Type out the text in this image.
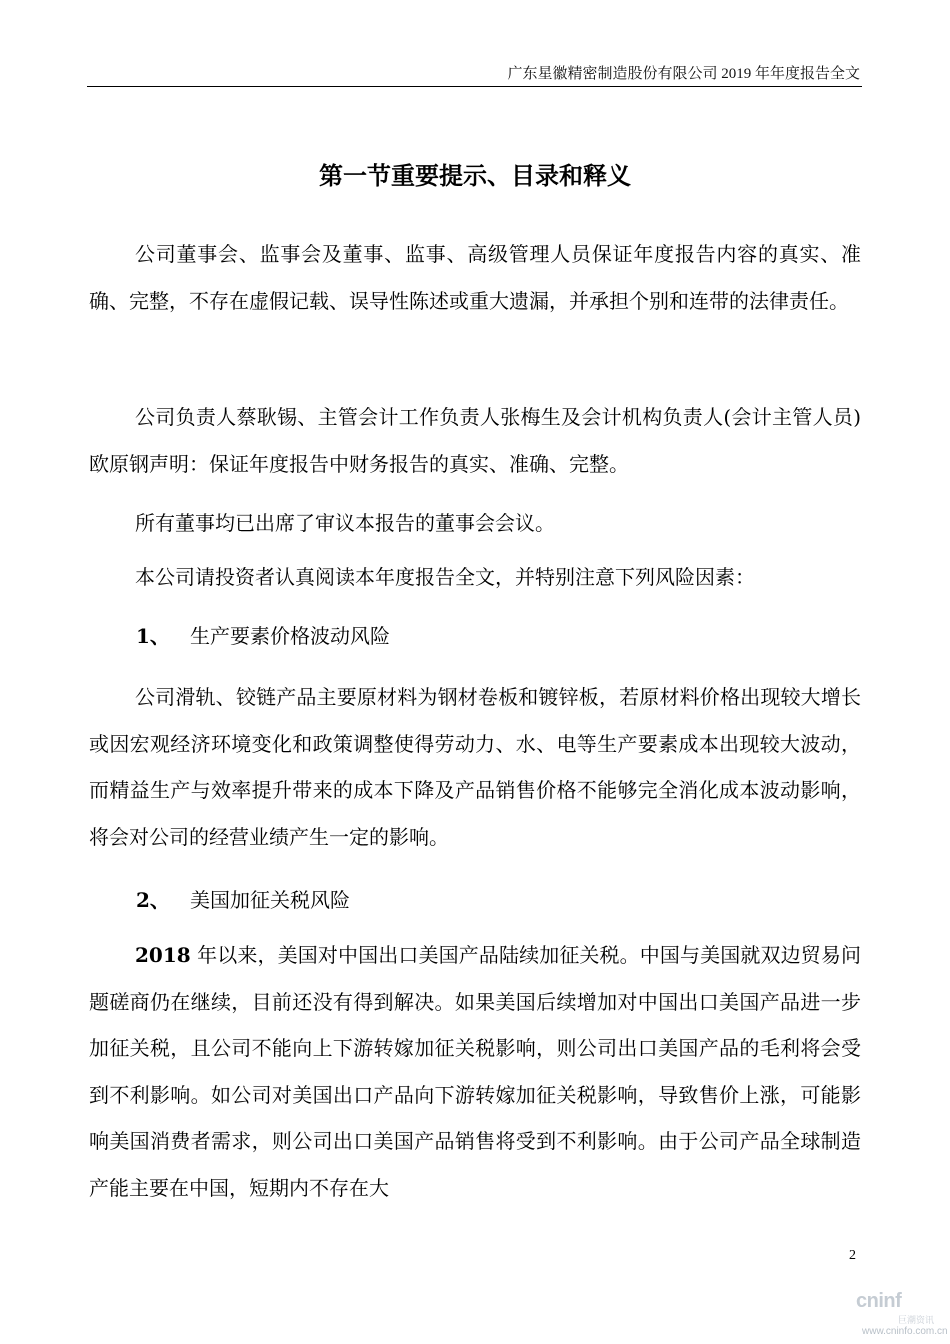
广东星徽精密制造股份有限公司 2019 年年度报告全文
第一节重要提示、目录和释义

公司董事会、监事会及董事、监事、高级管理人员保证年度报告内容的真实、准确、完整，不存在虚假记载、误导性陈述或重大遗漏，并承担个别和连带的法律责任。

公司负责人蔡耿锡、主管会计工作负责人张梅生及会计机构负责人(会计主管人员)欧原钢声明：保证年度报告中财务报告的真实、准确、完整。

所有董事均已出席了审议本报告的董事会会议。

本公司请投资者认真阅读本年度报告全文，并特别注意下列风险因素：

1、 生产要素价格波动风险

公司滑轨、铰链产品主要原材料为钢材卷板和镀锌板，若原材料价格出现较大增长或因宏观经济环境变化和政策调整使得劳动力、水、电等生产要素成本出现较大波动，而精益生产与效率提升带来的成本下降及产品销售价格不能够完全消化成本波动影响，将会对公司的经营业绩产生一定的影响。

2、 美国加征关税风险

2018 年以来，美国对中国出口美国产品陆续加征关税。中国与美国就双边贸易问题磋商仍在继续，目前还没有得到解决。如果美国后续增加对中国出口美国产品进一步加征关税，且公司不能向上下游转嫁加征关税影响，则公司出口美国产品的毛利将会受到不利影响。如公司对美国出口产品向下游转嫁加征关税影响，导致售价上涨，可能影响美国消费者需求，则公司出口美国产品销售将受到不利影响。由于公司产品全球制造产能主要在中国，短期内不存在大

2
cninf
巨潮资讯
www.cninfo.com.cn
